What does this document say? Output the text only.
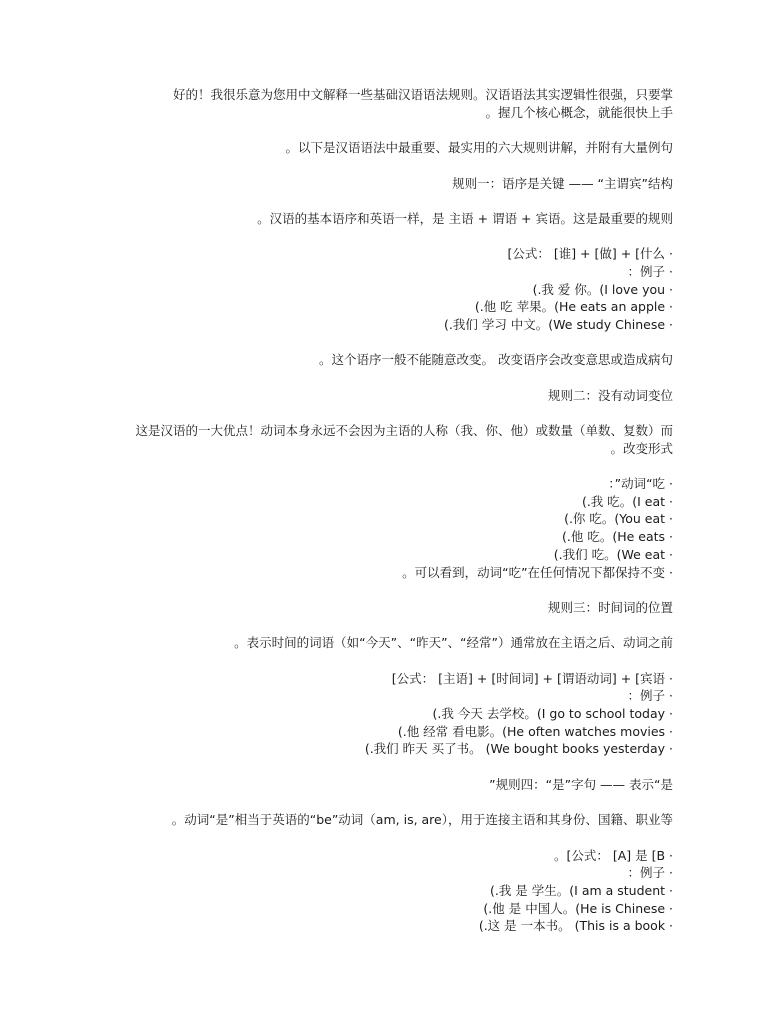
好的！我很乐意为您用中文解释一些基础汉语语法规则。汉语语法其实逻辑性很强，只要掌
。握几个核心概念，就能很快上手
。以下是汉语语法中最重要、最实用的六大规则讲解，并附有大量例句
规则一：语序是关键 —— “主谓宾”结构
。汉语的基本语序和英语一样，是 主语 + 谓语 + 宾语。这是最重要的规则
[公式： [谁] + [做] + [什么 ·
：例子 ·
(.我 爱 你。(I love you ·
(.他 吃 苹果。(He eats an apple ·
(.我们 学习 中文。(We study Chinese ·
。这个语序一般不能随意改变。 改变语序会改变意思或造成病句
规则二：没有动词变位
这是汉语的一大优点！动词本身永远不会因为主语的人称（我、你、他）或数量（单数、复数）而
。改变形式
：”动词“吃 ·
(.我 吃。(I eat ·
(.你 吃。(You eat ·
(.他 吃。(He eats ·
(.我们 吃。(We eat ·
。可以看到，动词“吃”在任何情况下都保持不变 ·
规则三：时间词的位置
。表示时间的词语（如“今天”、“昨天”、“经常”）通常放在主语之后、动词之前
[公式： [主语] + [时间词] + [谓语动词] + [宾语 ·
：例子 ·
(.我 今天 去学校。(I go to school today ·
(.他 经常 看电影。(He often watches movies ·
(.我们 昨天 买了书。 (We bought books yesterday ·
”规则四：“是”字句 —— 表示“是
。动词“是”相当于英语的“be”动词（am, is, are），用于连接主语和其身份、国籍、职业等
。[公式： [A] 是 [B ·
：例子 ·
(.我 是 学生。(I am a student ·
(.他 是 中国人。(He is Chinese ·
(.这 是 一本书。 (This is a book ·
